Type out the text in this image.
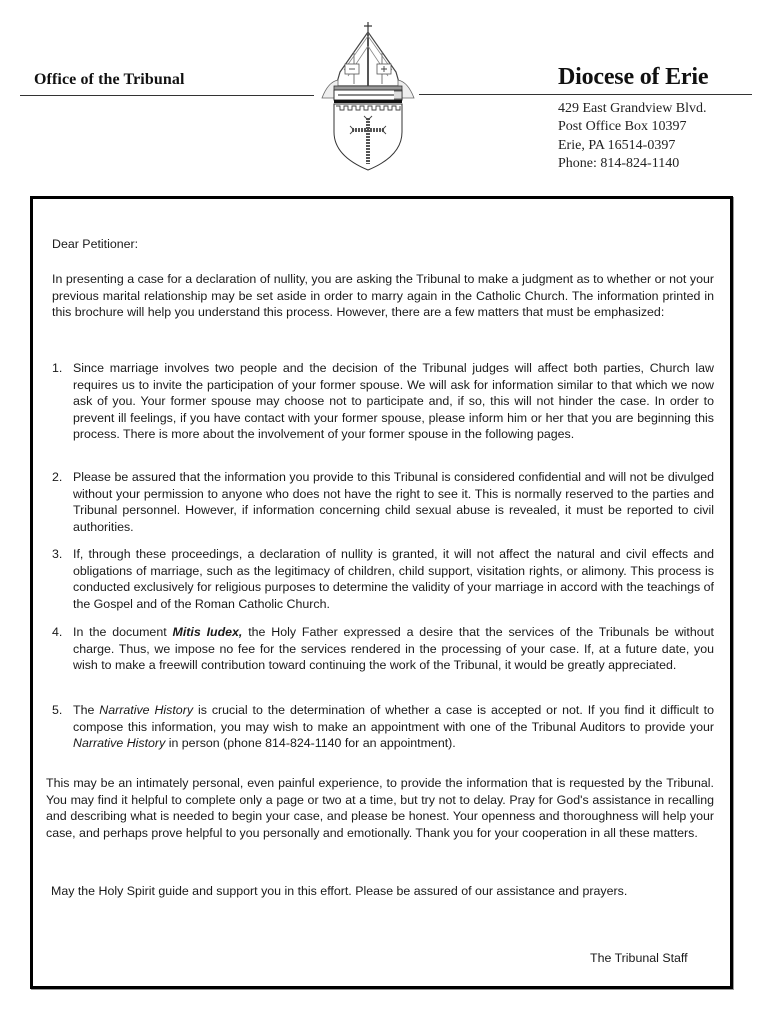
Office of the Tribunal	Diocese of Erie
429 East Grandview Blvd.
Post Office Box 10397
Erie, PA 16514-0397
Phone: 814-824-1140
Dear Petitioner:
In presenting a case for a declaration of nullity, you are asking the Tribunal to make a judgment as to whether or not your previous marital relationship may be set aside in order to marry again in the Catholic Church. The information printed in this brochure will help you understand this process. However, there are a few matters that must be emphasized:
1. Since marriage involves two people and the decision of the Tribunal judges will affect both parties, Church law requires us to invite the participation of your former spouse. We will ask for information similar to that which we now ask of you. Your former spouse may choose not to participate and, if so, this will not hinder the case. In order to prevent ill feelings, if you have contact with your former spouse, please inform him or her that you are beginning this process. There is more about the involvement of your former spouse in the following pages.
2. Please be assured that the information you provide to this Tribunal is considered confidential and will not be divulged without your permission to anyone who does not have the right to see it. This is normally reserved to the parties and Tribunal personnel. However, if information concerning child sexual abuse is revealed, it must be reported to civil authorities.
3. If, through these proceedings, a declaration of nullity is granted, it will not affect the natural and civil effects and obligations of marriage, such as the legitimacy of children, child support, visitation rights, or alimony. This process is conducted exclusively for religious purposes to determine the validity of your marriage in accord with the teachings of the Gospel and of the Roman Catholic Church.
4. In the document Mitis Iudex, the Holy Father expressed a desire that the services of the Tribunals be without charge. Thus, we impose no fee for the services rendered in the processing of your case. If, at a future date, you wish to make a freewill contribution toward continuing the work of the Tribunal, it would be greatly appreciated.
5. The Narrative History is crucial to the determination of whether a case is accepted or not. If you find it difficult to compose this information, you may wish to make an appointment with one of the Tribunal Auditors to provide your Narrative History in person (phone 814-824-1140 for an appointment).
This may be an intimately personal, even painful experience, to provide the information that is requested by the Tribunal. You may find it helpful to complete only a page or two at a time, but try not to delay. Pray for God's assistance in recalling and describing what is needed to begin your case, and please be honest. Your openness and thoroughness will help your case, and perhaps prove helpful to you personally and emotionally. Thank you for your cooperation in all these matters.
May the Holy Spirit guide and support you in this effort. Please be assured of our assistance and prayers.
The Tribunal Staff
